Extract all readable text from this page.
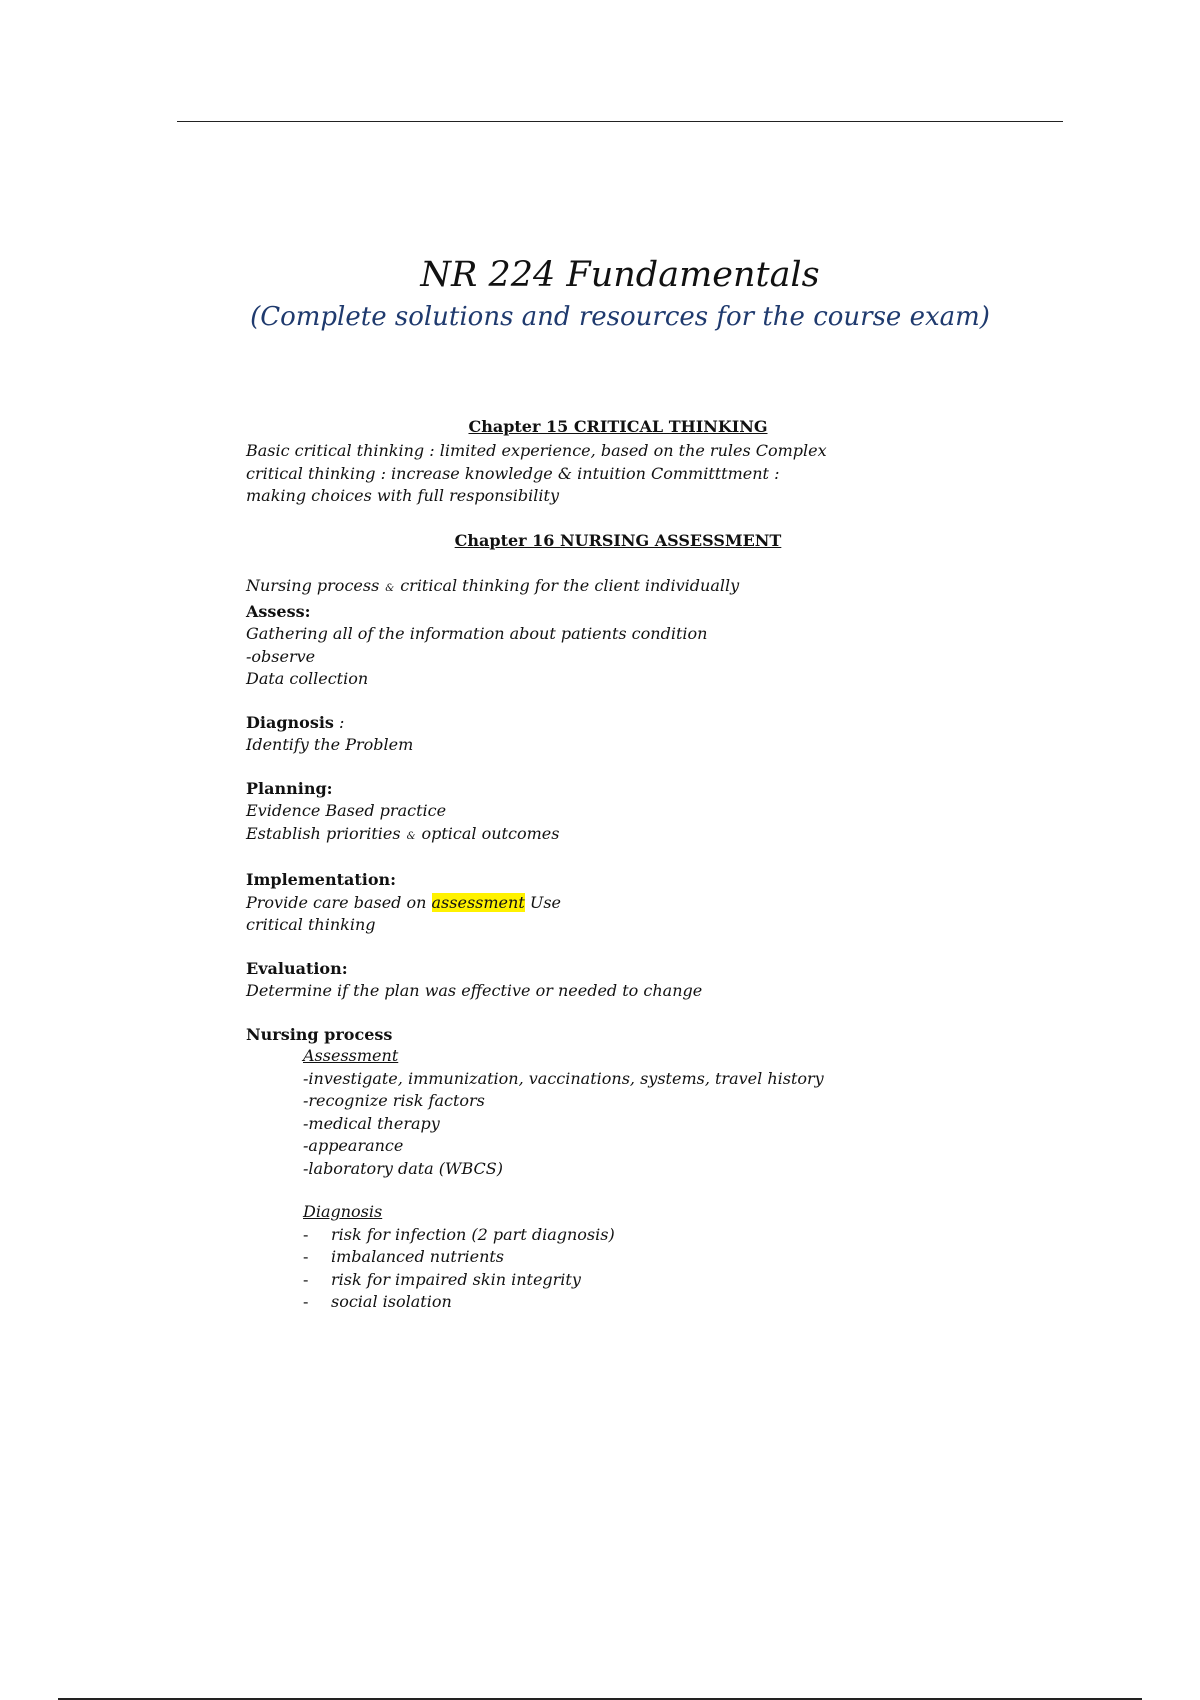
NR 224 Fundamentals
(Complete solutions and resources for the course exam)
Chapter 15 CRITICAL THINKING
Basic critical thinking : limited experience, based on the rules Complex
critical thinking : increase knowledge & intuition Committtment :
making choices with full responsibility
Chapter 16 NURSING ASSESSMENT
Nursing process & critical thinking for the client individually
Assess:
Gathering all of the information about patients condition
-observe
Data collection
Diagnosis :
Identify the Problem
Planning:
Evidence Based practice
Establish priorities & optical outcomes
Implementation:
Provide care based on assessment Use
critical thinking
Evaluation:
Determine if the plan was effective or needed to change
Nursing process
Assessment
-investigate, immunization, vaccinations, systems, travel history
-recognize risk factors
-medical therapy
-appearance
-laboratory data (WBCS)
Diagnosis
-	risk for infection (2 part diagnosis)
-	imbalanced nutrients
-	risk for impaired skin integrity
-	social isolation
